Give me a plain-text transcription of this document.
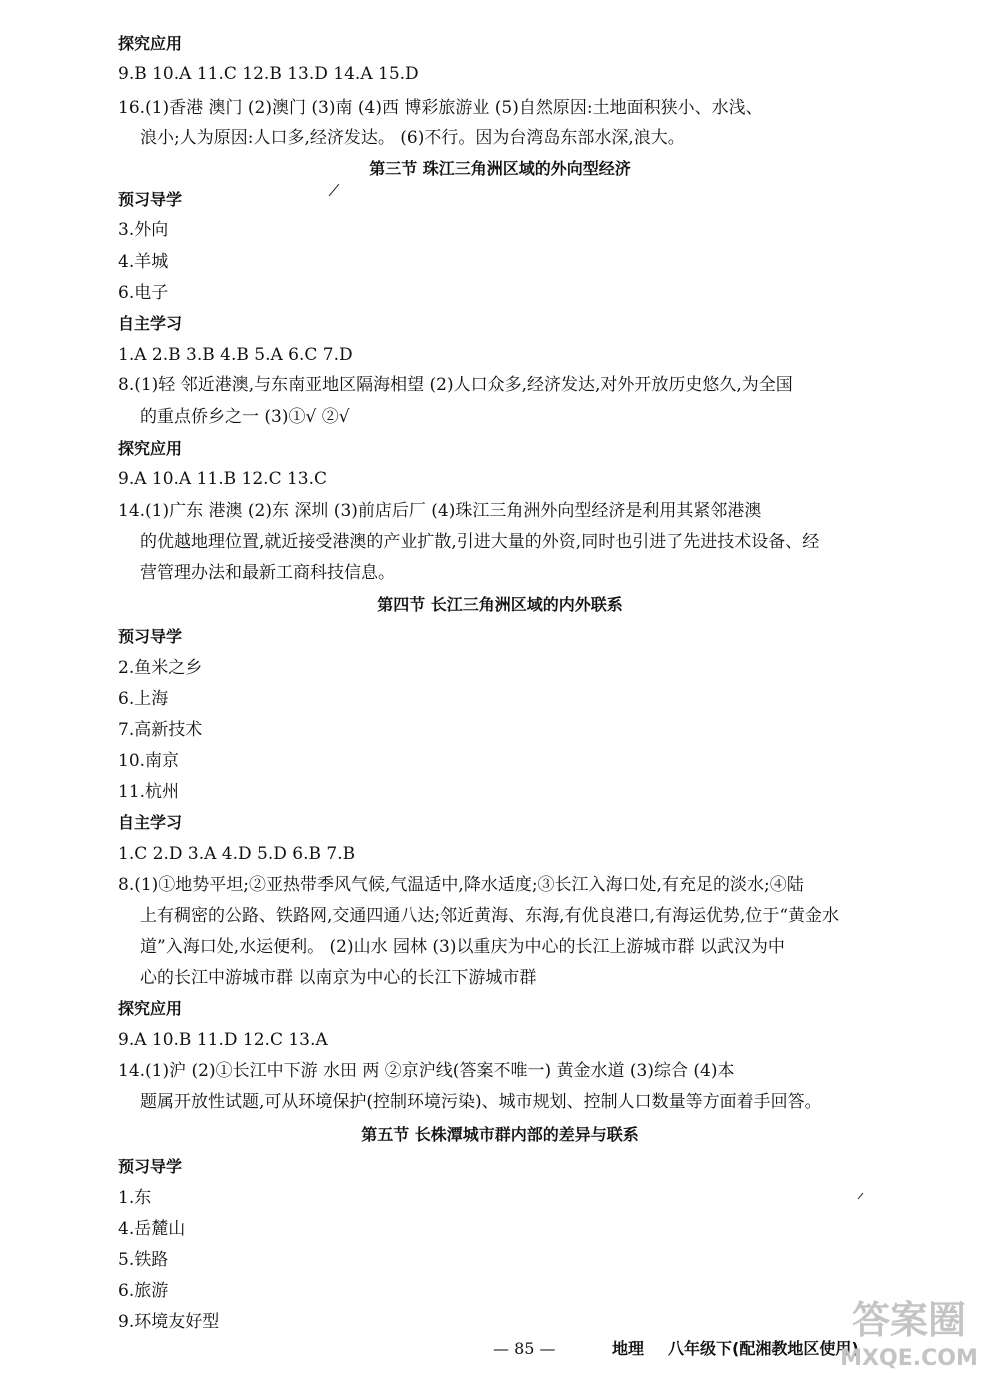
探究应用
9.B 10.A 11.C 12.B 13.D 14.A 15.D
16.(1)香港 澳门 (2)澳门 (3)南 (4)西 博彩旅游业 (5)自然原因:土地面积狭小、水浅、
浪小;人为原因:人口多,经济发达。 (6)不行。因为台湾岛东部水深,浪大。
第三节 珠江三角洲区域的外向型经济
预习导学
3.外向
4.羊城
6.电子
自主学习
1.A 2.B 3.B 4.B 5.A 6.C 7.D
8.(1)轻 邻近港澳,与东南亚地区隔海相望 (2)人口众多,经济发达,对外开放历史悠久,为全国
的重点侨乡之一 (3)①√ ②√
探究应用
9.A 10.A 11.B 12.C 13.C
14.(1)广东 港澳 (2)东 深圳 (3)前店后厂 (4)珠江三角洲外向型经济是利用其紧邻港澳
的优越地理位置,就近接受港澳的产业扩散,引进大量的外资,同时也引进了先进技术设备、经
营管理办法和最新工商科技信息。
第四节 长江三角洲区域的内外联系
预习导学
2.鱼米之乡
6.上海
7.高新技术
10.南京
11.杭州
自主学习
1.C 2.D 3.A 4.D 5.D 6.B 7.B
8.(1)①地势平坦;②亚热带季风气候,气温适中,降水适度;③长江入海口处,有充足的淡水;④陆
上有稠密的公路、铁路网,交通四通八达;邻近黄海、东海,有优良港口,有海运优势,位于“黄金水
道”入海口处,水运便利。 (2)山水 园林 (3)以重庆为中心的长江上游城市群 以武汉为中
心的长江中游城市群 以南京为中心的长江下游城市群
探究应用
9.A 10.B 11.D 12.C 13.A
14.(1)沪 (2)①长江中下游 水田 两 ②京沪线(答案不唯一) 黄金水道 (3)综合 (4)本
题属开放性试题,可从环境保护(控制环境污染)、城市规划、控制人口数量等方面着手回答。
第五节 长株潭城市群内部的差异与联系
预习导学
1.东
4.岳麓山
5.铁路
6.旅游
9.环境友好型
— 85 —	地理 八年级下(配湘教地区使用)
答案圈
MXQE.COM
